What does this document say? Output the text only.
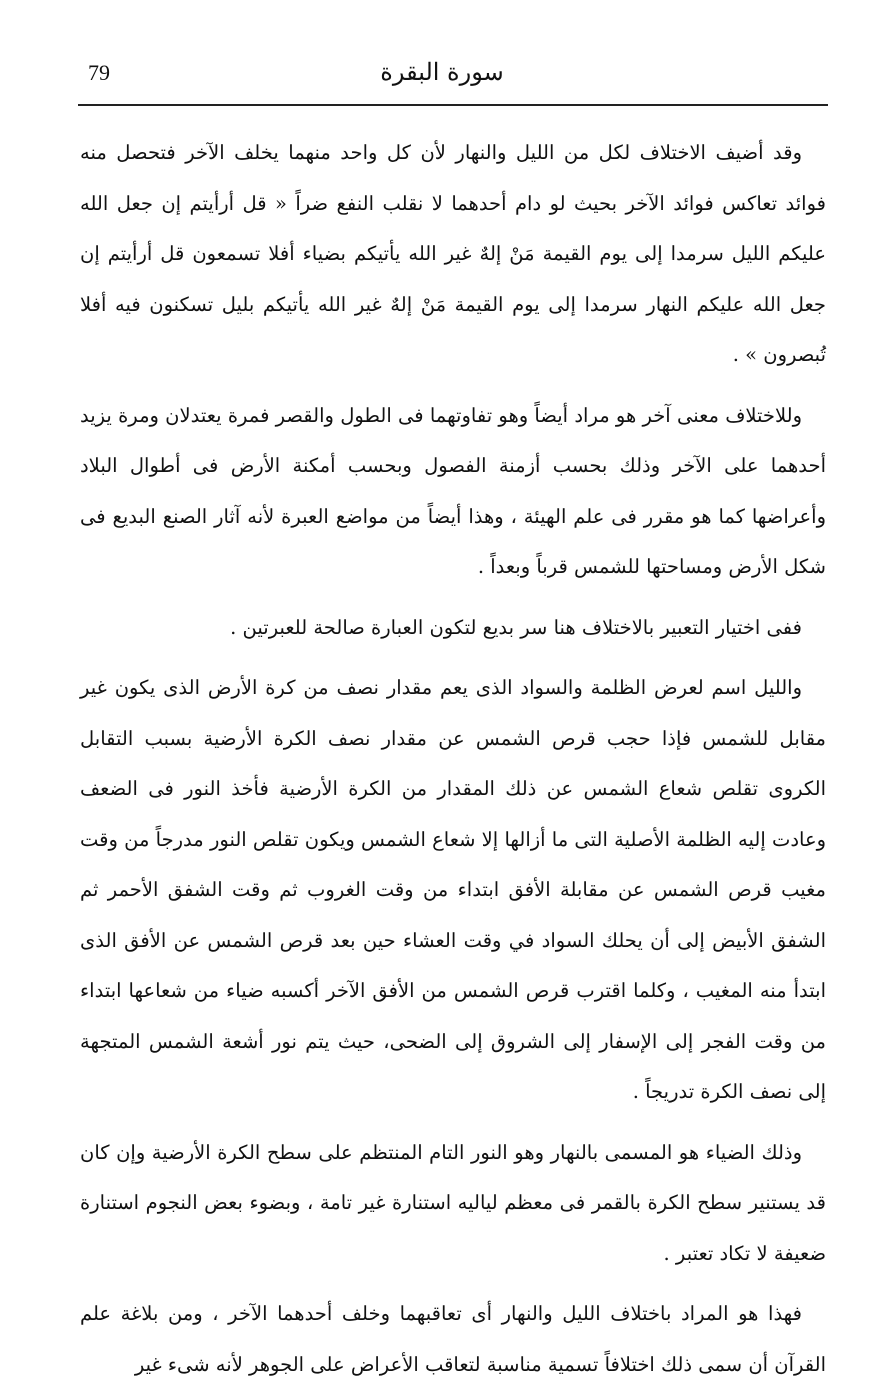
79	سورة البقرة

وقد أضيف الاختلاف لكل من الليل والنهار لأن كل واحد منهما يخلف الآخر فتحصل منه فوائد تعاكس فوائد الآخر بحيث لو دام أحدهما لا نقلب النفع ضراً « قل أرأيتم إن جعل الله عليكم الليل سرمدا إلى يوم القيمة مَنْ إلهٌ غير الله يأتيكم بضياء أفلا تسمعون قل أرأيتم إن جعل الله عليكم النهار سرمدا إلى يوم القيمة مَنْ إلهٌ غير الله يأتيكم بليل تسكنون فيه أفلا تُبصرون » .

وللاختلاف معنى آخر هو مراد أيضاً وهو تفاوتهما فى الطول والقصر فمرة يعتدلان ومرة يزيد أحدهما على الآخر وذلك بحسب أزمنة الفصول وبحسب أمكنة الأرض فى أطوال البلاد وأعراضها كما هو مقرر فى علم الهيئة ، وهذا أيضاً من مواضع العبرة لأنه آثار الصنع البديع فى شكل الأرض ومساحتها للشمس قرباً وبعداً .

ففى اختيار التعبير بالاختلاف هنا سر بديع لتكون العبارة صالحة للعبرتين .

والليل اسم لعرض الظلمة والسواد الذى يعم مقدار نصف من كرة الأرض الذى يكون غير مقابل للشمس فإذا حجب قرص الشمس عن مقدار نصف الكرة الأرضية بسبب التقابل الكروى تقلص شعاع الشمس عن ذلك المقدار من الكرة الأرضية فأخذ النور فى الضعف وعادت إليه الظلمة الأصلية التى ما أزالها إلا شعاع الشمس ويكون تقلص النور مدرجاً من وقت مغيب قرص الشمس عن مقابلة الأفق ابتداء من وقت الغروب ثم وقت الشفق الأحمر ثم الشفق الأبيض إلى أن يحلك السواد في وقت العشاء حين بعد قرص الشمس عن الأفق الذى ابتدأ منه المغيب ، وكلما اقترب قرص الشمس من الأفق الآخر أكسبه ضياء من شعاعها ابتداء من وقت الفجر إلى الإسفار إلى الشروق إلى الضحى، حيث يتم نور أشعة الشمس المتجهة إلى نصف الكرة تدريجاً .

وذلك الضياء هو المسمى بالنهار وهو النور التام المنتظم على سطح الكرة الأرضية وإن كان قد يستنير سطح الكرة بالقمر فى معظم لياليه استنارة غير تامة ، وبضوء بعض النجوم استنارة ضعيفة لا تكاد تعتبر .

فهذا هو المراد باختلاف الليل والنهار أى تعاقبهما وخلف أحدهما الآخر ، ومن بلاغة علم القرآن أن سمى ذلك اختلافاً تسمية مناسبة لتعاقب الأعراض على الجوهر لأنه شىء غير
